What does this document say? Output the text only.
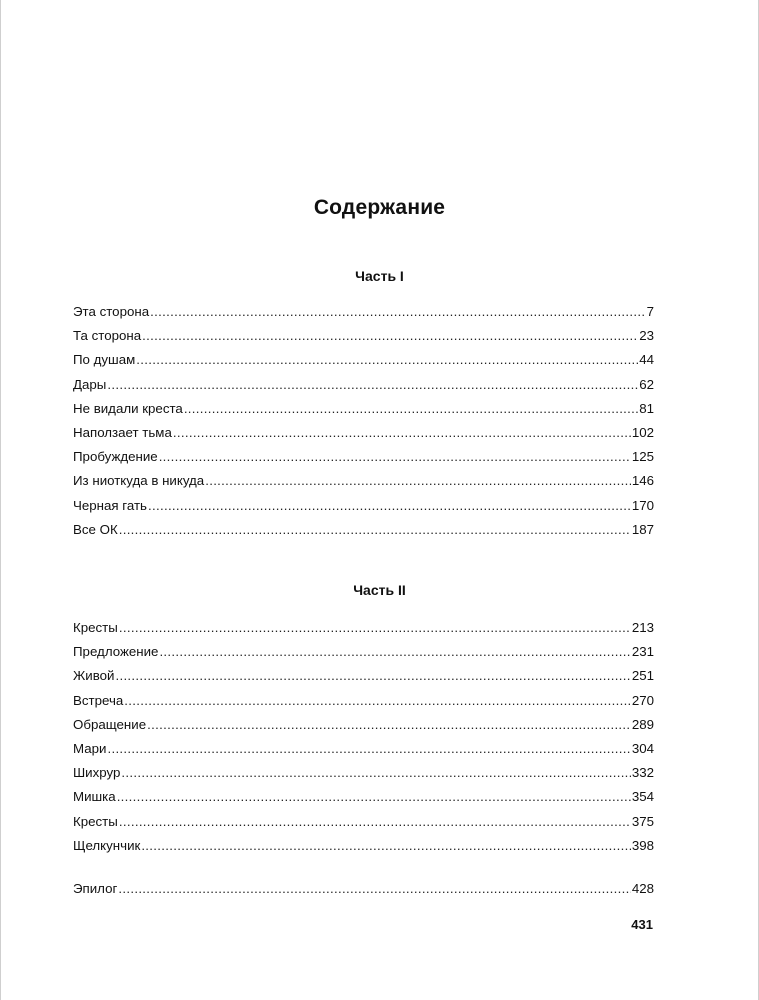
Содержание
Часть I
Эта сторона .....	7
Та сторона .....	23
По душам .....	44
Дары .....	62
Не видали креста .....	81
Наползает тьма .....	102
Пробуждение .....	125
Из ниоткуда в никуда .....	146
Черная гать .....	170
Все ОК .....	187
Часть II
Кресты .....	213
Предложение .....	231
Живой .....	251
Встреча .....	270
Обращение .....	289
Мари .....	304
Шихрур .....	332
Мишка .....	354
Кресты .....	375
Щелкунчик .....	398
Эпилог .....	428
431
